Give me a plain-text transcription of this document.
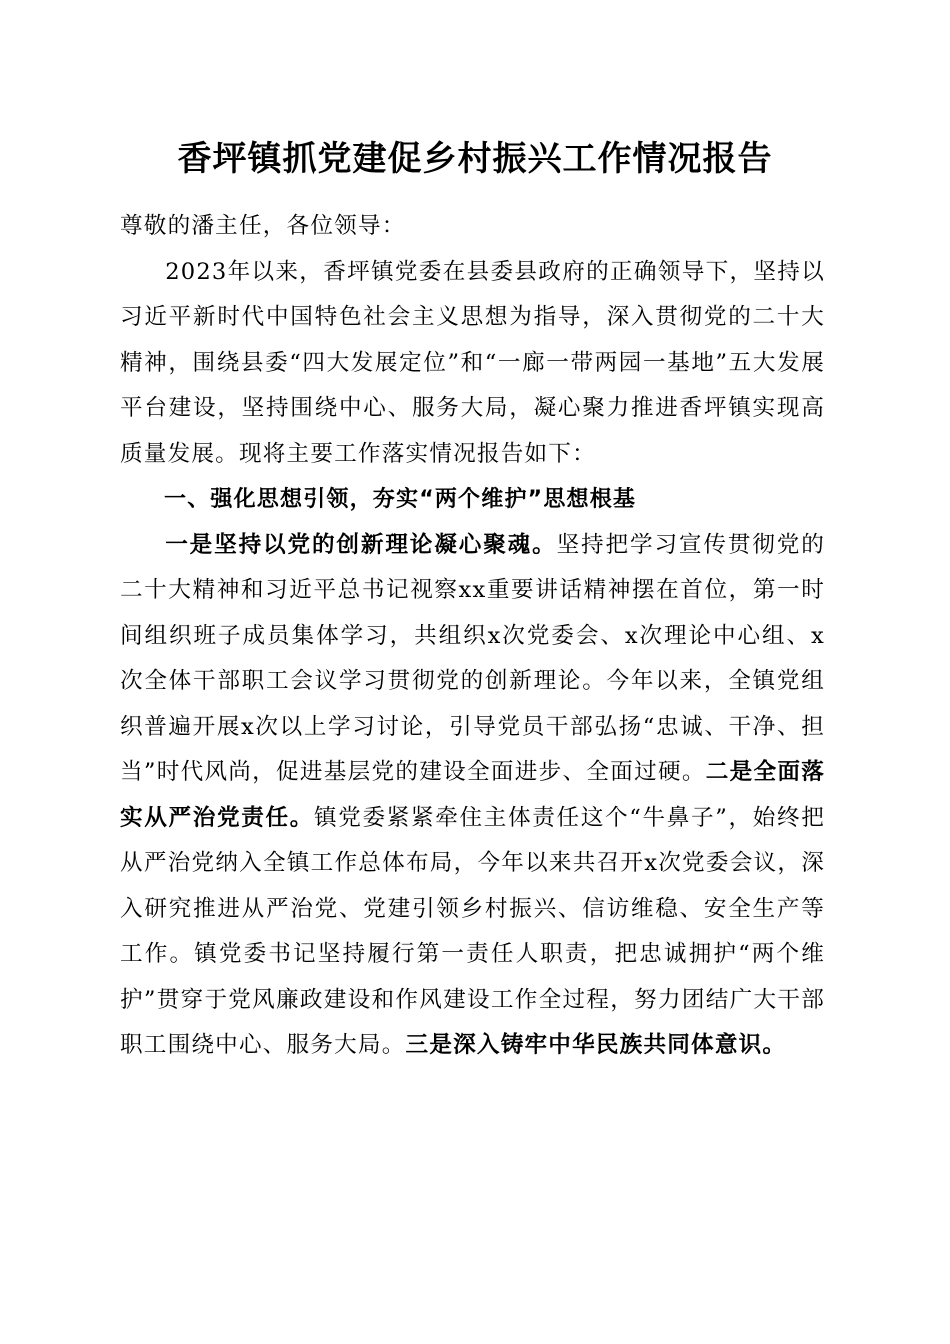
香坪镇抓党建促乡村振兴工作情况报告

尊敬的潘主任，各位领导：

2023年以来，香坪镇党委在县委县政府的正确领导下，坚持以习近平新时代中国特色社会主义思想为指导，深入贯彻党的二十大精神，围绕县委“四大发展定位”和“一廊一带两园一基地”五大发展平台建设，坚持围绕中心、服务大局，凝心聚力推进香坪镇实现高质量发展。现将主要工作落实情况报告如下：

一、强化思想引领，夯实“两个维护”思想根基

一是坚持以党的创新理论凝心聚魂。坚持把学习宣传贯彻党的二十大精神和习近平总书记视察xx重要讲话精神摆在首位，第一时间组织班子成员集体学习，共组织x次党委会、x次理论中心组、x次全体干部职工会议学习贯彻党的创新理论。今年以来，全镇党组织普遍开展x次以上学习讨论，引导党员干部弘扬“忠诚、干净、担当”时代风尚，促进基层党的建设全面进步、全面过硬。二是全面落实从严治党责任。镇党委紧紧牵住主体责任这个“牛鼻子”，始终把从严治党纳入全镇工作总体布局，今年以来共召开x次党委会议，深入研究推进从严治党、党建引领乡村振兴、信访维稳、安全生产等工作。镇党委书记坚持履行第一责任人职责，把忠诚拥护“两个维护”贯穿于党风廉政建设和作风建设工作全过程，努力团结广大干部职工围绕中心、服务大局。三是深入铸牢中华民族共同体意识。
